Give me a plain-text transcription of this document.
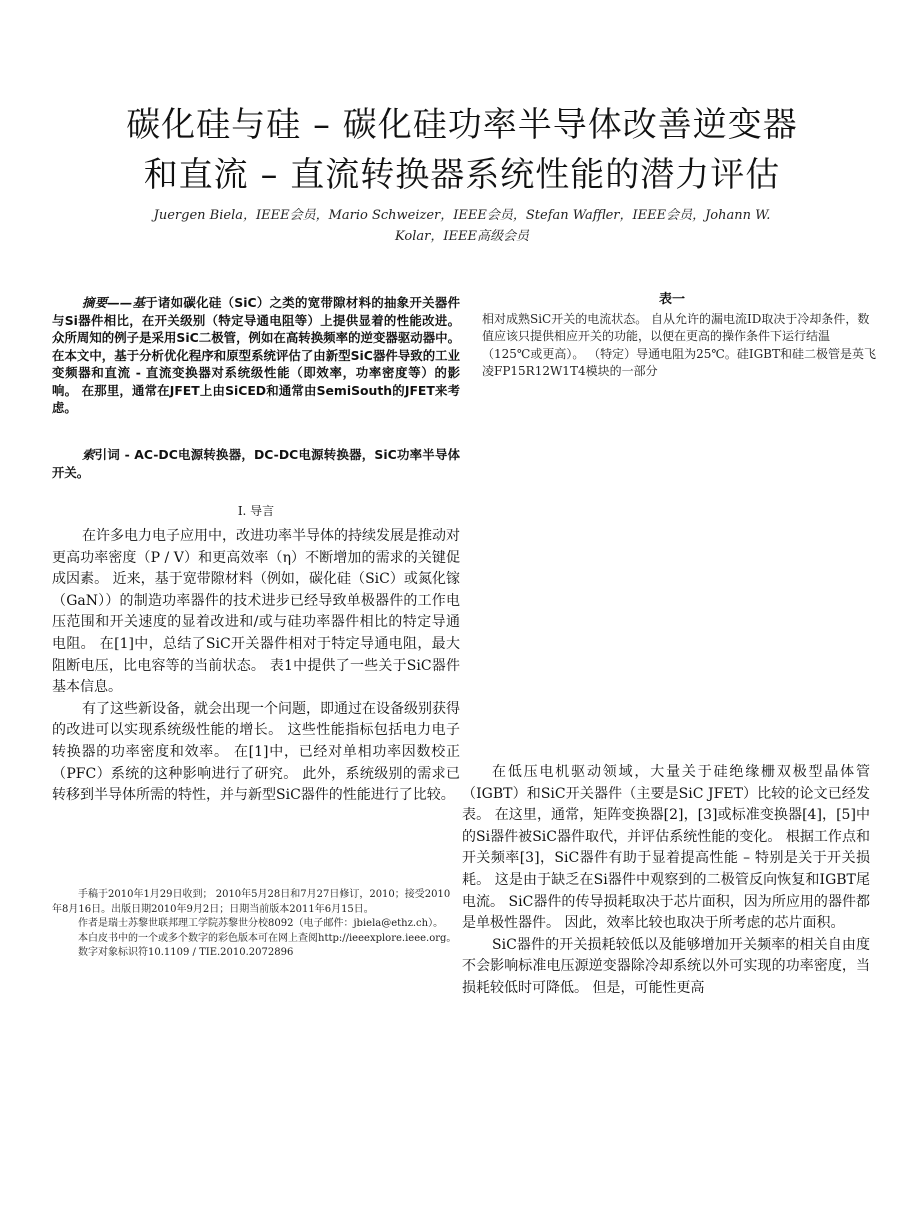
碳化硅与硅 – 碳化硅功率半导体改善逆变器
和直流 – 直流转换器系统性能的潜力评估
Juergen Biela，IEEE会员，Mario Schweizer，IEEE会员，Stefan Waffler，IEEE会员，Johann W.
Kolar，IEEE高级会员
摘要——基于诸如碳化硅（SiC）之类的宽带隙材料的抽象开关器件与Si器件相比，在开关级别（特定导通电阻等）上提供显着的性能改进。 众所周知的例子是采用SiC二极管，例如在高转换频率的逆变器驱动器中。 在本文中，基于分析优化程序和原型系统评估了由新型SiC器件导致的工业变频器和直流 - 直流变换器对系统级性能（即效率，功率密度等）的影响。 在那里，通常在JFET上由SiCED和通常由SemiSouth的JFET来考虑。
索引词 - AC-DC电源转换器，DC-DC电源转换器，SiC功率半导体开关。
I. 导言

在许多电力电子应用中，改进功率半导体的持续发展是推动对更高功率密度（P / V）和更高效率（η）不断增加的需求的关键促成因素。 近来，基于宽带隙材料（例如，碳化硅（SiC）或氮化镓（GaN））的制造功率器件的技术进步已经导致单极器件的工作电压范围和开关速度的显着改进和/或与硅功率器件相比的特定导通电阻。 在[1]中，总结了SiC开关器件相对于特定导通电阻，最大阻断电压，比电容等的当前状态。 表1中提供了一些关于SiC器件基本信息。

有了这些新设备，就会出现一个问题，即通过在设备级别获得的改进可以实现系统级性能的增长。 这些性能指标包括电力电子转换器的功率密度和效率。 在[1]中，已经对单相功率因数校正（PFC）系统的这种影响进行了研究。 此外，系统级别的需求已转移到半导体所需的特性，并与新型SiC器件的性能进行了比较。

手稿于2010年1月29日收到； 2010年5月28日和7月27日修订，2010；接受2010年8月16日。出版日期2010年9月2日；日期当前版本2011年6月15日。

作者是瑞士苏黎世联邦理工学院苏黎世分校8092（电子邮件：jbiela@ethz.ch）。

本白皮书中的一个或多个数字的彩色版本可在网上查阅http://ieeexplore.ieee.org。

数字对象标识符10.1109 / TIE.2010.2072896

表一
相对成熟SiC开关的电流状态。 自从允许的漏电流ID取决于冷却条件，数值应该只提供相应开关的功能，以便在更高的操作条件下运行结温（125℃或更高）。 （特定）导通电阻为25℃。硅IGBT和硅二极管是英飞凌FP15R12W1T4模块的一部分

在低压电机驱动领域，大量关于硅绝缘栅双极型晶体管（IGBT）和SiC开关器件（主要是SiC JFET）比较的论文已经发表。 在这里，通常，矩阵变换器[2]，[3]或标准变换器[4]，[5]中的Si器件被SiC器件取代，并评估系统性能的变化。 根据工作点和开关频率[3]，SiC器件有助于显着提高性能 – 特别是关于开关损耗。 这是由于缺乏在Si器件中观察到的二极管反向恢复和IGBT尾电流。 SiC器件的传导损耗取决于芯片面积，因为所应用的器件都是单极性器件。 因此，效率比较也取决于所考虑的芯片面积。

SiC器件的开关损耗较低以及能够增加开关频率的相关自由度不会影响标准电压源逆变器除冷却系统以外可实现的功率密度，当损耗较低时可降低。 但是，可能性更高
